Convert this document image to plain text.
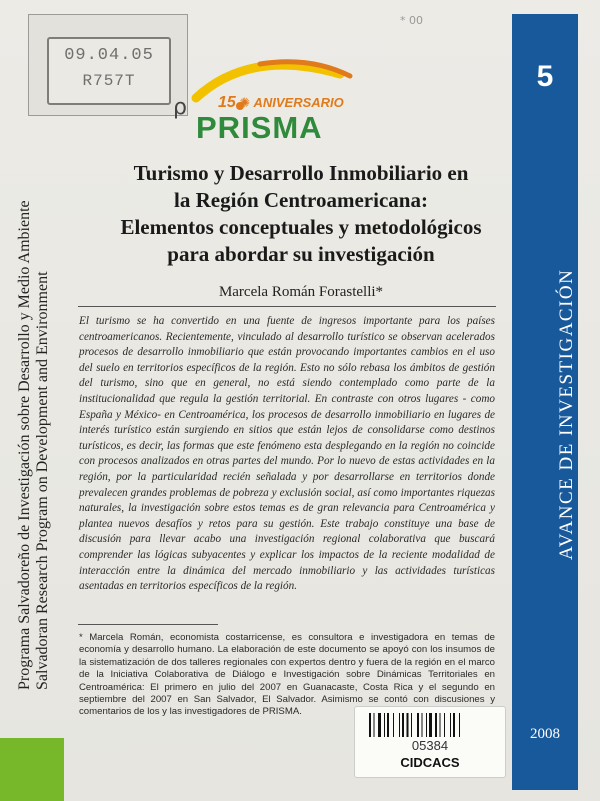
09.04.05
R757T
ρ
* 00
15 ✺ ANIVERSARIO
PRISMA
Programa Salvadoreño de Investigación sobre Desarrollo y Medio Ambiente Salvadoran Research Program on Development and Environment
5
AVANCE DE INVESTIGACIÓN
2008
Turismo y Desarrollo Inmobiliario en
la Región Centroamericana:
Elementos conceptuales y metodológicos
para abordar su investigación
Marcela Román Forastelli*
El turismo se ha convertido en una fuente de ingresos importante para los países centroamericanos. Recientemente, vinculado al desarrollo turístico se observan acelerados procesos de desarrollo inmobiliario que están provocando importantes cambios en el uso del suelo en territorios específicos de la región. Esto no sólo rebasa los ámbitos de gestión del turismo, sino que en general, no está siendo contemplado como parte de la institucionalidad que regula la gestión territorial. En contraste con otros lugares - como España y México- en Centroamérica, los procesos de desarrollo inmobiliario en lugares de interés turístico están surgiendo en sitios que están lejos de consolidarse como destinos turísticos, es decir, las formas que este fenómeno esta desplegando en la región no coincide con procesos analizados en otras partes del mundo. Por lo nuevo de estas actividades en la región, por la particularidad recién señalada y por desarrollarse en territorios donde prevalecen grandes problemas de pobreza y exclusión social, así como importantes riquezas naturales, la investigación sobre estos temas es de gran relevancia para Centroamérica y plantea nuevos desafíos y retos para su gestión. Este trabajo constituye una base de discusión para llevar acabo una investigación regional colaborativa que buscará comprender las lógicas subyacentes y explicar los impactos de la reciente modalidad de interacción entre la dinámica del mercado inmobiliario y las actividades turísticas asentadas en territorios específicos de la región.
* Marcela Román, economista costarricense, es consultora e investigadora en temas de economía y desarrollo humano. La elaboración de este documento se apoyó con los insumos de la sistematización de dos talleres regionales con expertos dentro y fuera de la región en el marco de la Iniciativa Colaborativa de Diálogo e Investigación sobre Dinámicas Territoriales en Centroamérica: El primero en julio del 2007 en Guanacaste, Costa Rica y el segundo en septiembre del 2007 en San Salvador, El Salvador. Asimismo se contó con discusiones y comentarios de los y las investigadores de PRISMA.
05384
CIDCACS
